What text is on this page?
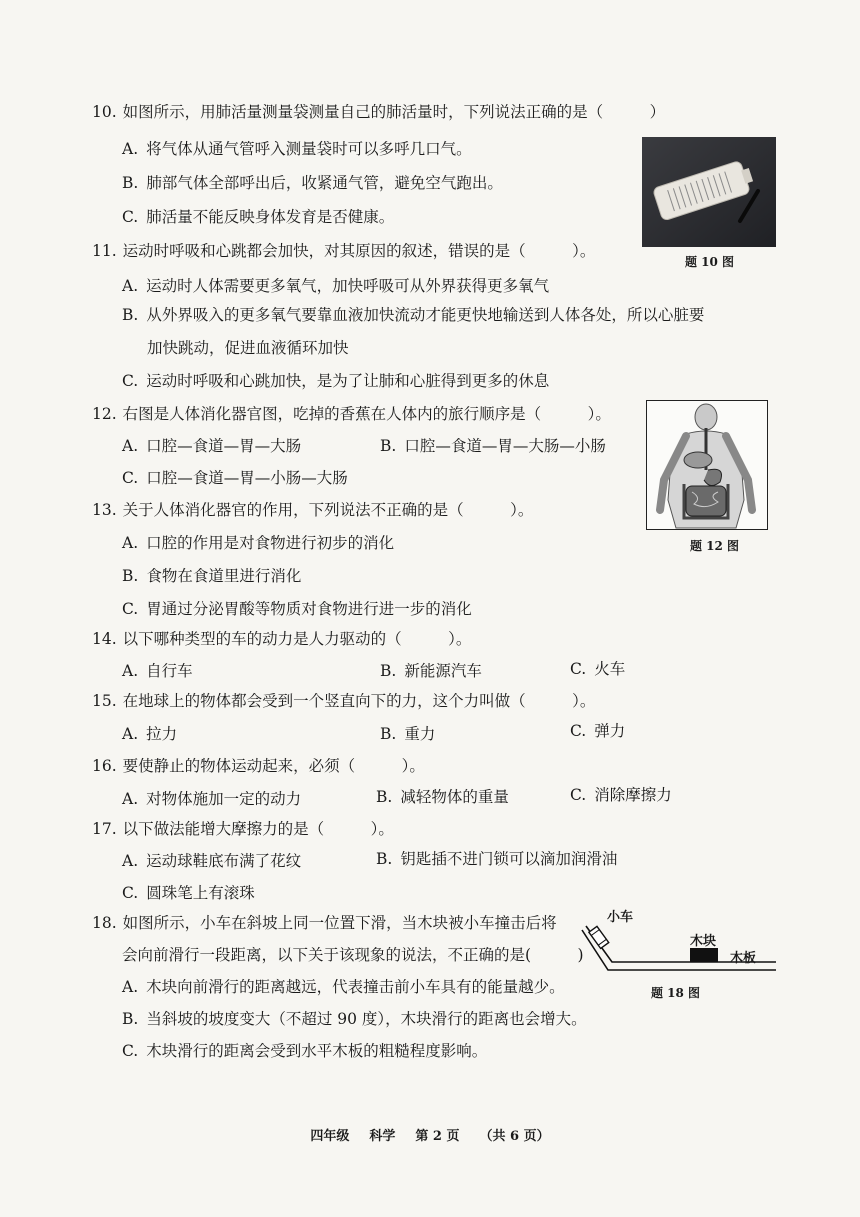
10. 如图所示，用肺活量测量袋测量自己的肺活量时，下列说法正确的是（　　　）
A. 将气体从通气管呼入测量袋时可以多呼几口气。
B. 肺部气体全部呼出后，收紧通气管，避免空气跑出。
C. 肺活量不能反映身体发育是否健康。
题 10 图
11. 运动时呼吸和心跳都会加快，对其原因的叙述，错误的是（　　　）。
A. 运动时人体需要更多氧气，加快呼吸可从外界获得更多氧气
B. 从外界吸入的更多氧气要靠血液加快流动才能更快地输送到人体各处，所以心脏要
加快跳动，促进血液循环加快
C. 运动时呼吸和心跳加快，是为了让肺和心脏得到更多的休息
12. 右图是人体消化器官图，吃掉的香蕉在人体内的旅行顺序是（　　　）。
A. 口腔—食道—胃—大肠	B. 口腔—食道—胃—大肠—小肠
C. 口腔—食道—胃—小肠—大肠
题 12 图
13. 关于人体消化器官的作用，下列说法不正确的是（　　　）。
A. 口腔的作用是对食物进行初步的消化
B. 食物在食道里进行消化
C. 胃通过分泌胃酸等物质对食物进行进一步的消化
14. 以下哪种类型的车的动力是人力驱动的（　　　）。
A. 自行车	B. 新能源汽车	C. 火车
15. 在地球上的物体都会受到一个竖直向下的力，这个力叫做（　　　）。
A. 拉力	B. 重力	C. 弹力
16. 要使静止的物体运动起来，必须（　　　）。
A. 对物体施加一定的动力	B. 减轻物体的重量	C. 消除摩擦力
17. 以下做法能增大摩擦力的是（　　　）。
A. 运动球鞋底布满了花纹	B. 钥匙插不进门锁可以滴加润滑油
C. 圆珠笔上有滚珠
18. 如图所示，小车在斜坡上同一位置下滑，当木块被小车撞击后将
会向前滑行一段距离，以下关于该现象的说法，不正确的是(　　　)
A. 木块向前滑行的距离越远，代表撞击前小车具有的能量越少。
B. 当斜坡的坡度变大（不超过 90 度），木块滑行的距离也会增大。
C. 木块滑行的距离会受到水平木板的粗糙程度影响。
小车
木块
木板
题 18 图
四年级 科学 第 2 页 （共 6 页）
